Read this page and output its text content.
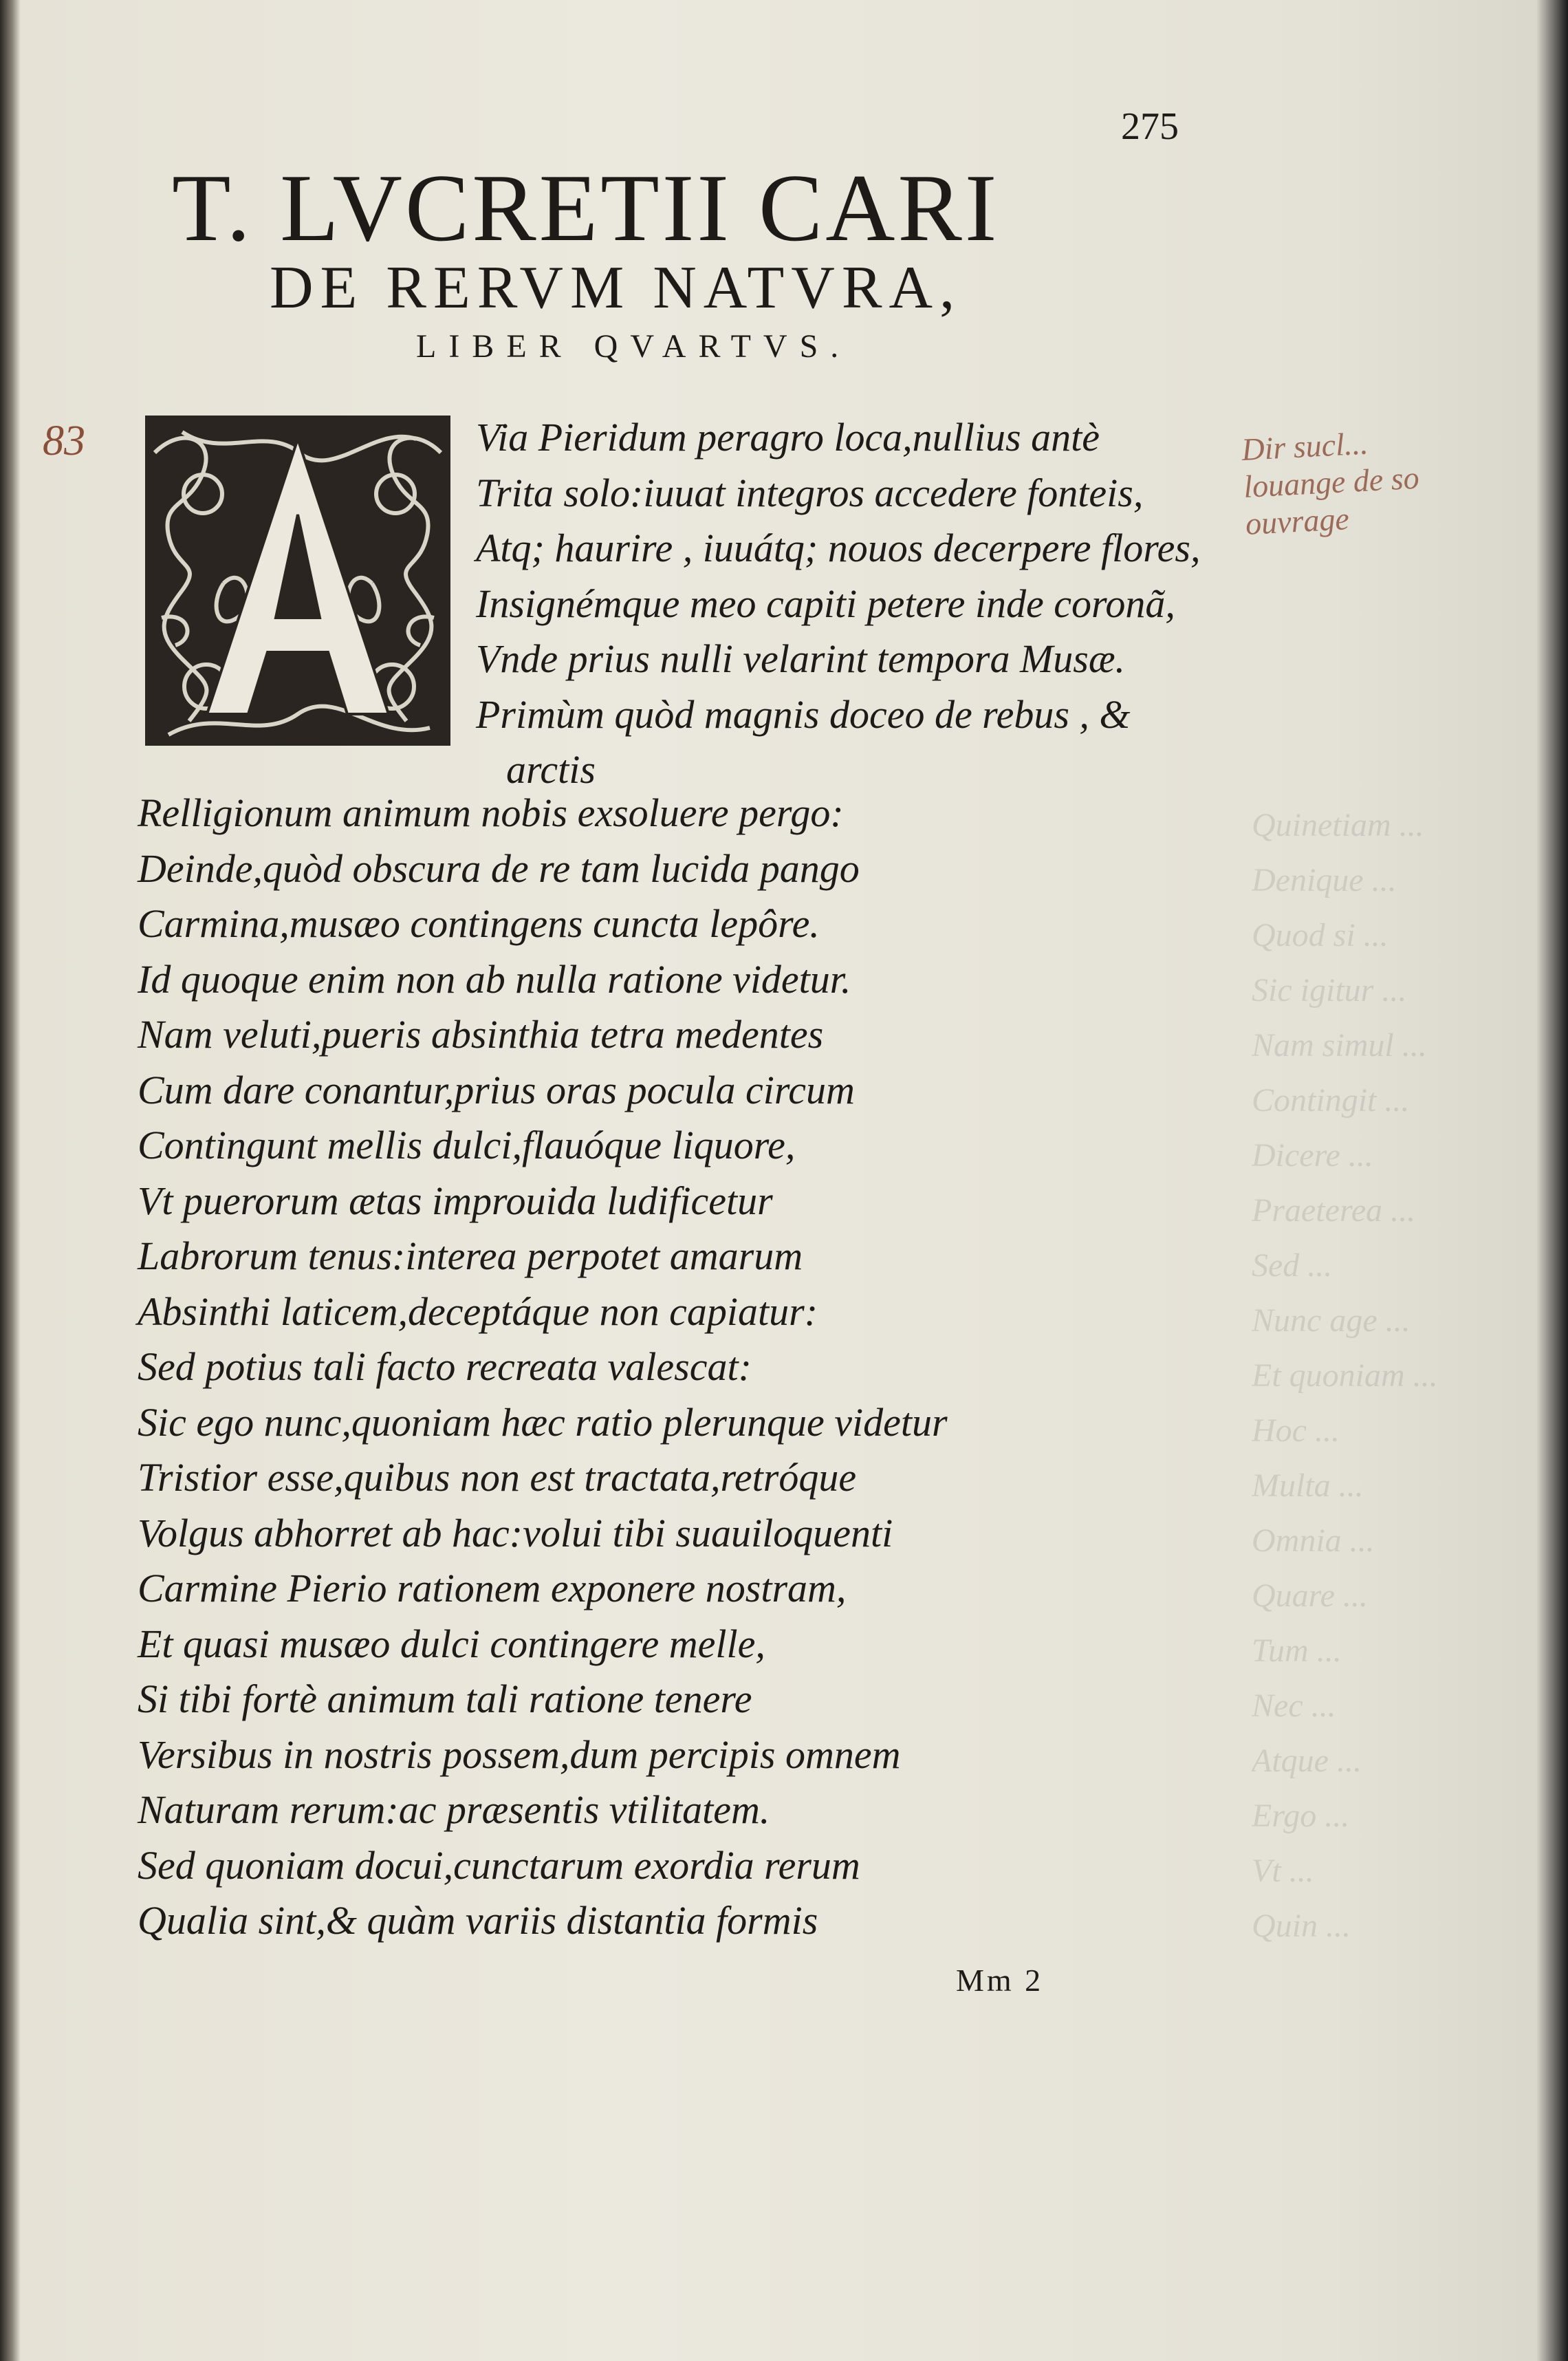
Quinetiam ...
Denique ...
Quod si ...
Sic igitur ...
Nam simul ...
Contingit ...
Dicere ...
Praeterea ...
Sed ...
Nunc age ...
Et quoniam ...
Hoc ...
Multa ...
Omnia ...
Quare ...
Tum ...
Nec ...
Atque ...
Ergo ...
Vt ...
Quin ...
275
T. LVCRETII CARI
DE RERVM NATVRA,
LIBER QVARTVS.
83	Dir sucl...
louange de so
ouvrage
A
Via Pieridum peragro loca,nullius antè
Trita solo:iuuat integros accedere fonteis,
Atq; haurire , iuuátq; nouos decerpere flores,
Insignémque meo capiti petere inde coronã,
Vnde prius nulli velarint tempora Musæ.
Primùm quòd magnis doceo de rebus , &
arctis
Relligionum animum nobis exsoluere pergo:
Deinde,quòd obscura de re tam lucida pango
Carmina,musæo contingens cuncta lepôre.
Id quoque enim non ab nulla ratione videtur.
Nam veluti,pueris absinthia tetra medentes
Cum dare conantur,prius oras pocula circum
Contingunt mellis dulci,flauóque liquore,
Vt puerorum ætas improuida ludificetur
Labrorum tenus:interea perpotet amarum
Absinthi laticem,deceptáque non capiatur:
Sed potius tali facto recreata valescat:
Sic ego nunc,quoniam hæc ratio plerunque videtur
Tristior esse,quibus non est tractata,retróque
Volgus abhorret ab hac:volui tibi suauiloquenti
Carmine Pierio rationem exponere nostram,
Et quasi musæo dulci contingere melle,
Si tibi fortè animum tali ratione tenere
Versibus in nostris possem,dum percipis omnem
Naturam rerum:ac præsentis vtilitatem.
Sed quoniam docui,cunctarum exordia rerum
Qualia sint,& quàm variis distantia formis
Mm 2
